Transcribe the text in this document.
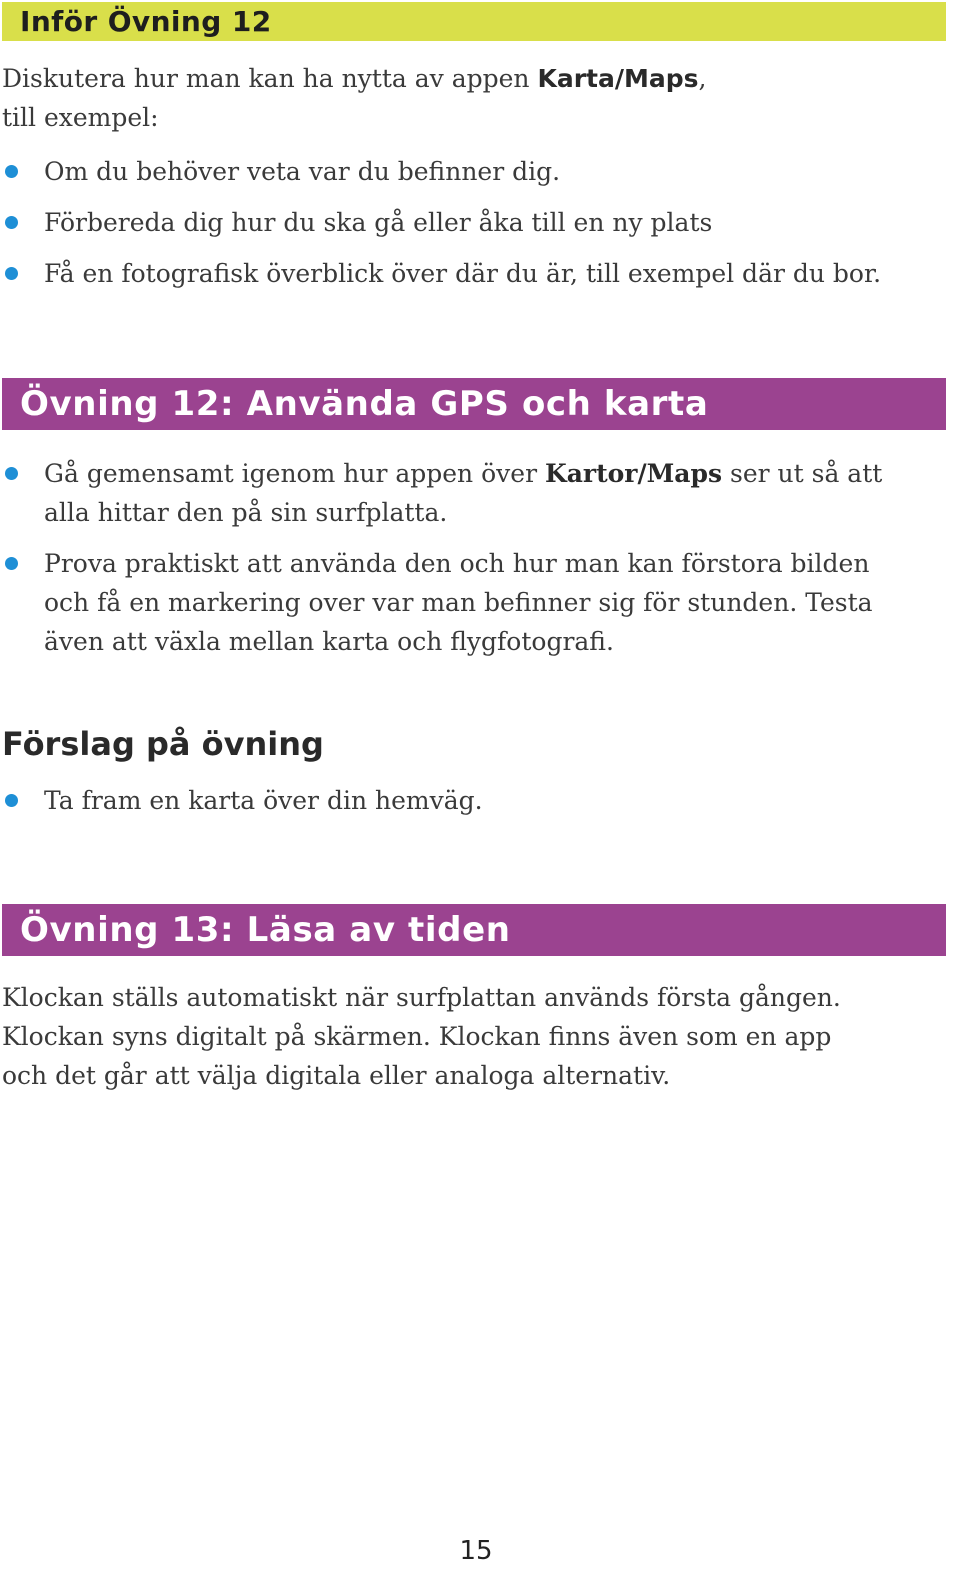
Inför Övning 12

Diskutera hur man kan ha nytta av appen Karta/Maps,
till exempel:

Om du behöver veta var du befinner dig.
Förbereda dig hur du ska gå eller åka till en ny plats
Få en fotografisk överblick över där du är, till exempel där du bor.
Övning 12: Använda GPS och karta
Gå gemensamt igenom hur appen över Kartor/Maps ser ut så att
alla hittar den på sin surfplatta.
Prova praktiskt att använda den och hur man kan förstora bilden
och få en markering over var man befinner sig för stunden. Testa
även att växla mellan karta och flygfotografi.
Förslag på övning
Ta fram en karta över din hemväg.
Övning 13: Läsa av tiden

Klockan ställs automatiskt när surfplattan används första gången.
Klockan syns digitalt på skärmen. Klockan finns även som en app
och det går att välja digitala eller analoga alternativ.

15
